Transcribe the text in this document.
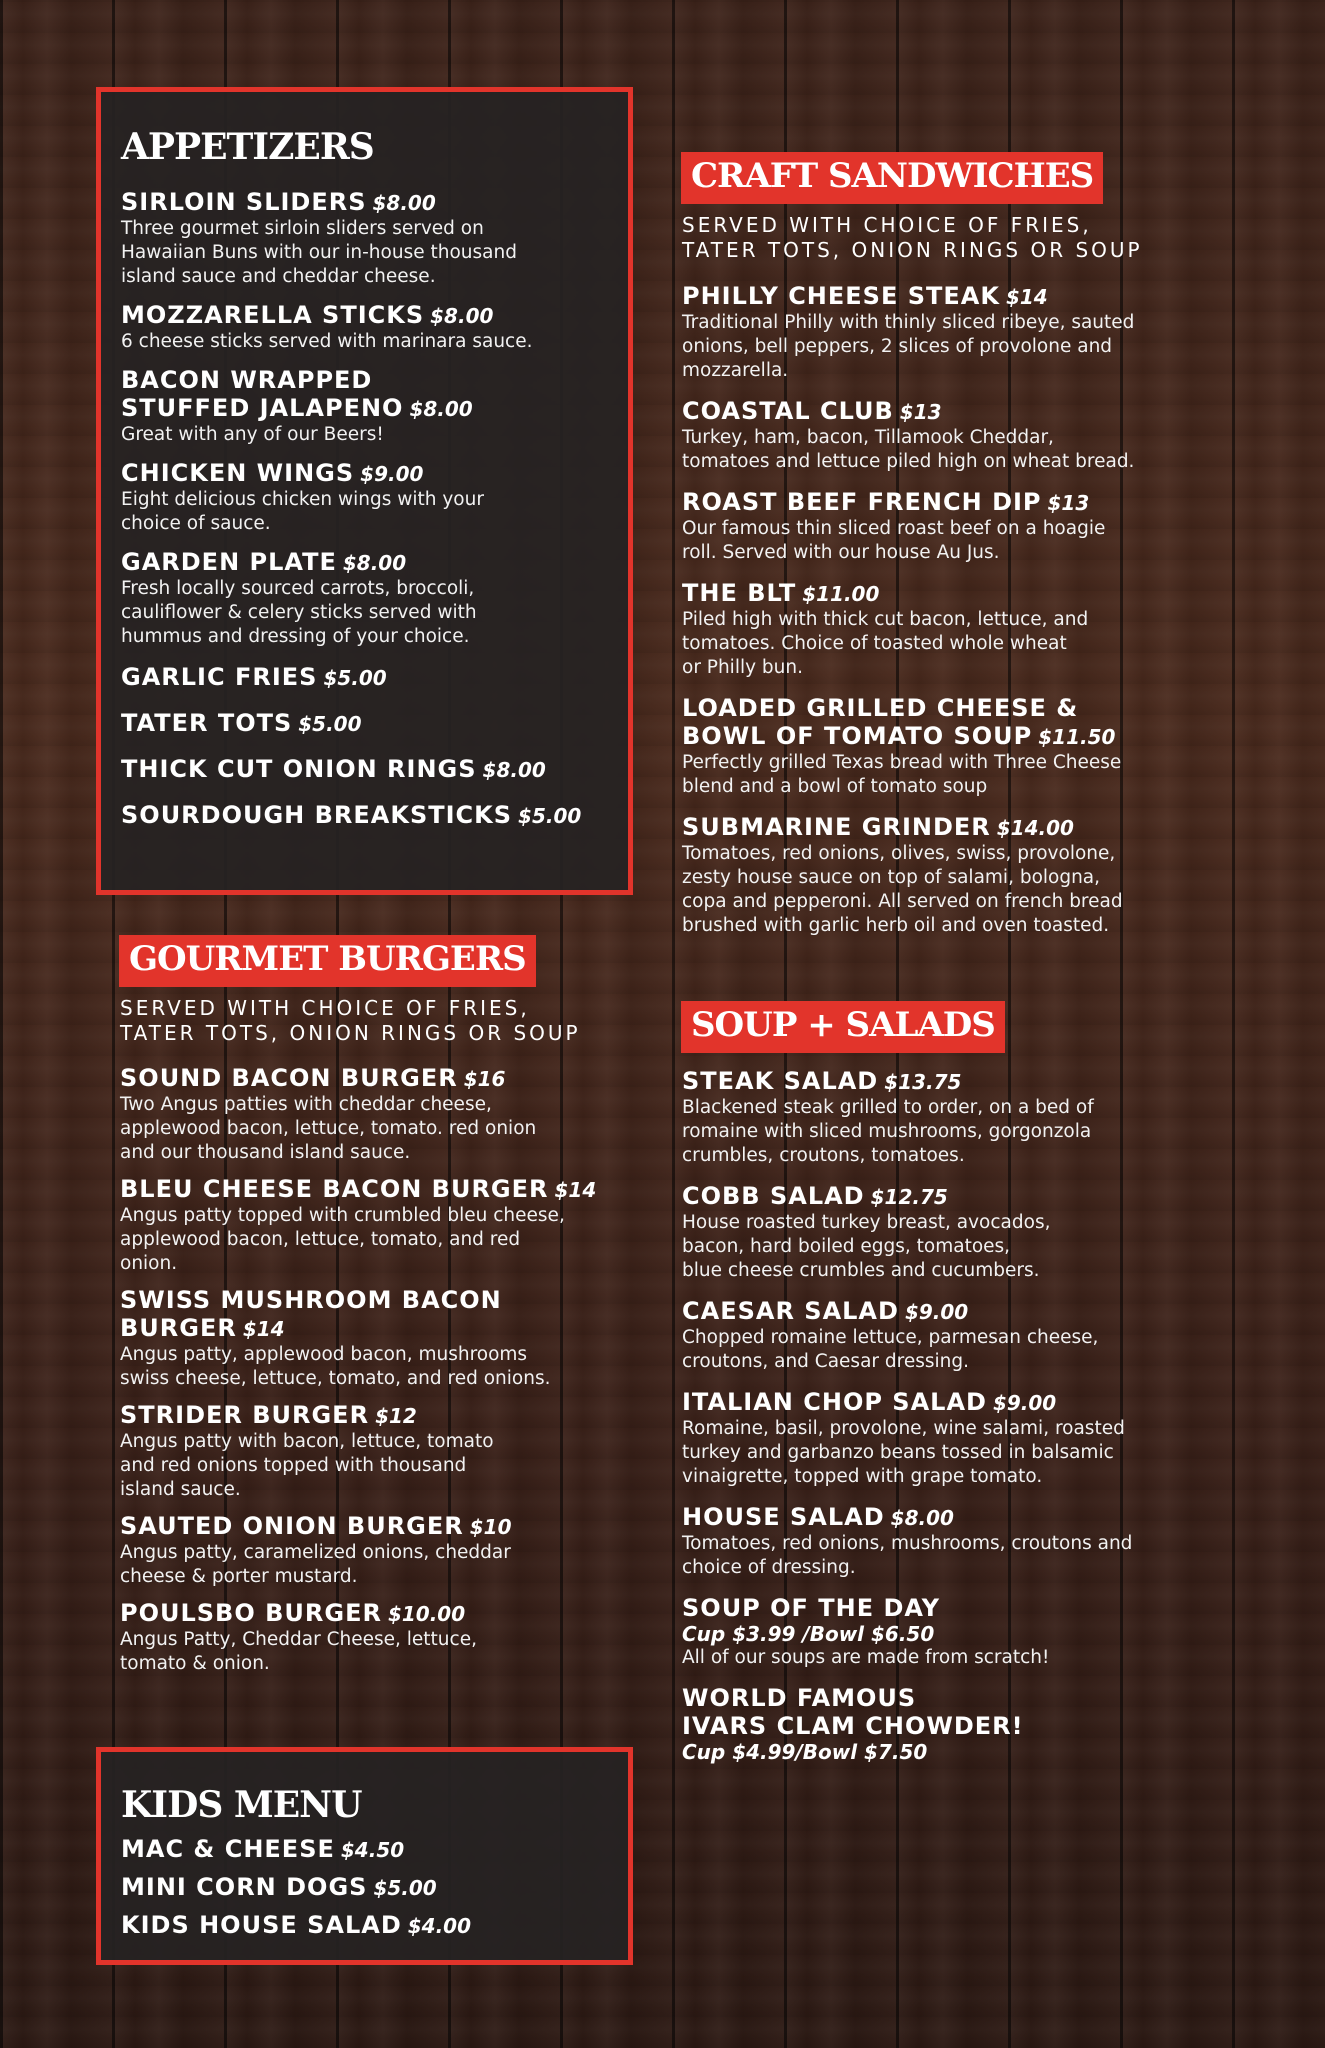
APPETIZERS
SIRLOIN SLIDERS $8.00
Three gourmet sirloin sliders served on
Hawaiian Buns with our in-house thousand
island sauce and cheddar cheese.
MOZZARELLA STICKS $8.00
6 cheese sticks served with marinara sauce.
BACON WRAPPED
STUFFED JALAPENO $8.00
Great with any of our Beers!
CHICKEN WINGS $9.00
Eight delicious chicken wings with your
choice of sauce.
GARDEN PLATE $8.00
Fresh locally sourced carrots, broccoli,
cauliflower & celery sticks served with
hummus and dressing of your choice.
GARLIC FRIES $5.00
TATER TOTS $5.00
THICK CUT ONION RINGS $8.00
SOURDOUGH BREAKSTICKS $5.00
GOURMET BURGERS
SERVED WITH CHOICE OF FRIES,
TATER TOTS, ONION RINGS OR SOUP
SOUND BACON BURGER $16
Two Angus patties with cheddar cheese,
applewood bacon, lettuce, tomato. red onion
and our thousand island sauce.
BLEU CHEESE BACON BURGER $14
Angus patty topped with crumbled bleu cheese,
applewood bacon, lettuce, tomato, and red
onion.
SWISS MUSHROOM BACON
BURGER $14
Angus patty, applewood bacon, mushrooms
swiss cheese, lettuce, tomato, and red onions.
STRIDER BURGER $12
Angus patty with bacon, lettuce, tomato
and red onions topped with thousand
island sauce.
SAUTED ONION BURGER $10
Angus patty, caramelized onions, cheddar
cheese & porter mustard.
POULSBO BURGER $10.00
Angus Patty, Cheddar Cheese, lettuce,
tomato & onion.
KIDS MENU
MAC & CHEESE $4.50
MINI CORN DOGS $5.00
KIDS HOUSE SALAD $4.00
CRAFT SANDWICHES
SERVED WITH CHOICE OF FRIES,
TATER TOTS, ONION RINGS OR SOUP
PHILLY CHEESE STEAK $14
Traditional Philly with thinly sliced ribeye, sauted
onions, bell peppers, 2 slices of provolone and
mozzarella.
COASTAL CLUB $13
Turkey, ham, bacon, Tillamook Cheddar,
tomatoes and lettuce piled high on wheat bread.
ROAST BEEF FRENCH DIP $13
Our famous thin sliced roast beef on a hoagie
roll. Served with our house Au Jus.
THE BLT $11.00
Piled high with thick cut bacon, lettuce, and
tomatoes. Choice of toasted whole wheat
or Philly bun.
LOADED GRILLED CHEESE &
BOWL OF TOMATO SOUP $11.50
Perfectly grilled Texas bread with Three Cheese
blend and a bowl of tomato soup
SUBMARINE GRINDER $14.00
Tomatoes, red onions, olives, swiss, provolone,
zesty house sauce on top of salami, bologna,
copa and pepperoni. All served on french bread
brushed with garlic herb oil and oven toasted.
SOUP + SALADS
STEAK SALAD $13.75
Blackened steak grilled to order, on a bed of
romaine with sliced mushrooms, gorgonzola
crumbles, croutons, tomatoes.
COBB SALAD $12.75
House roasted turkey breast, avocados,
bacon, hard boiled eggs, tomatoes,
blue cheese crumbles and cucumbers.
CAESAR SALAD $9.00
Chopped romaine lettuce, parmesan cheese,
croutons, and Caesar dressing.
ITALIAN CHOP SALAD $9.00
Romaine, basil, provolone, wine salami, roasted
turkey and garbanzo beans tossed in balsamic
vinaigrette, topped with grape tomato.
HOUSE SALAD $8.00
Tomatoes, red onions, mushrooms, croutons and
choice of dressing.
SOUP OF THE DAY
Cup $3.99 /Bowl $6.50
All of our soups are made from scratch!
WORLD FAMOUS
IVARS CLAM CHOWDER!
Cup $4.99/Bowl $7.50
